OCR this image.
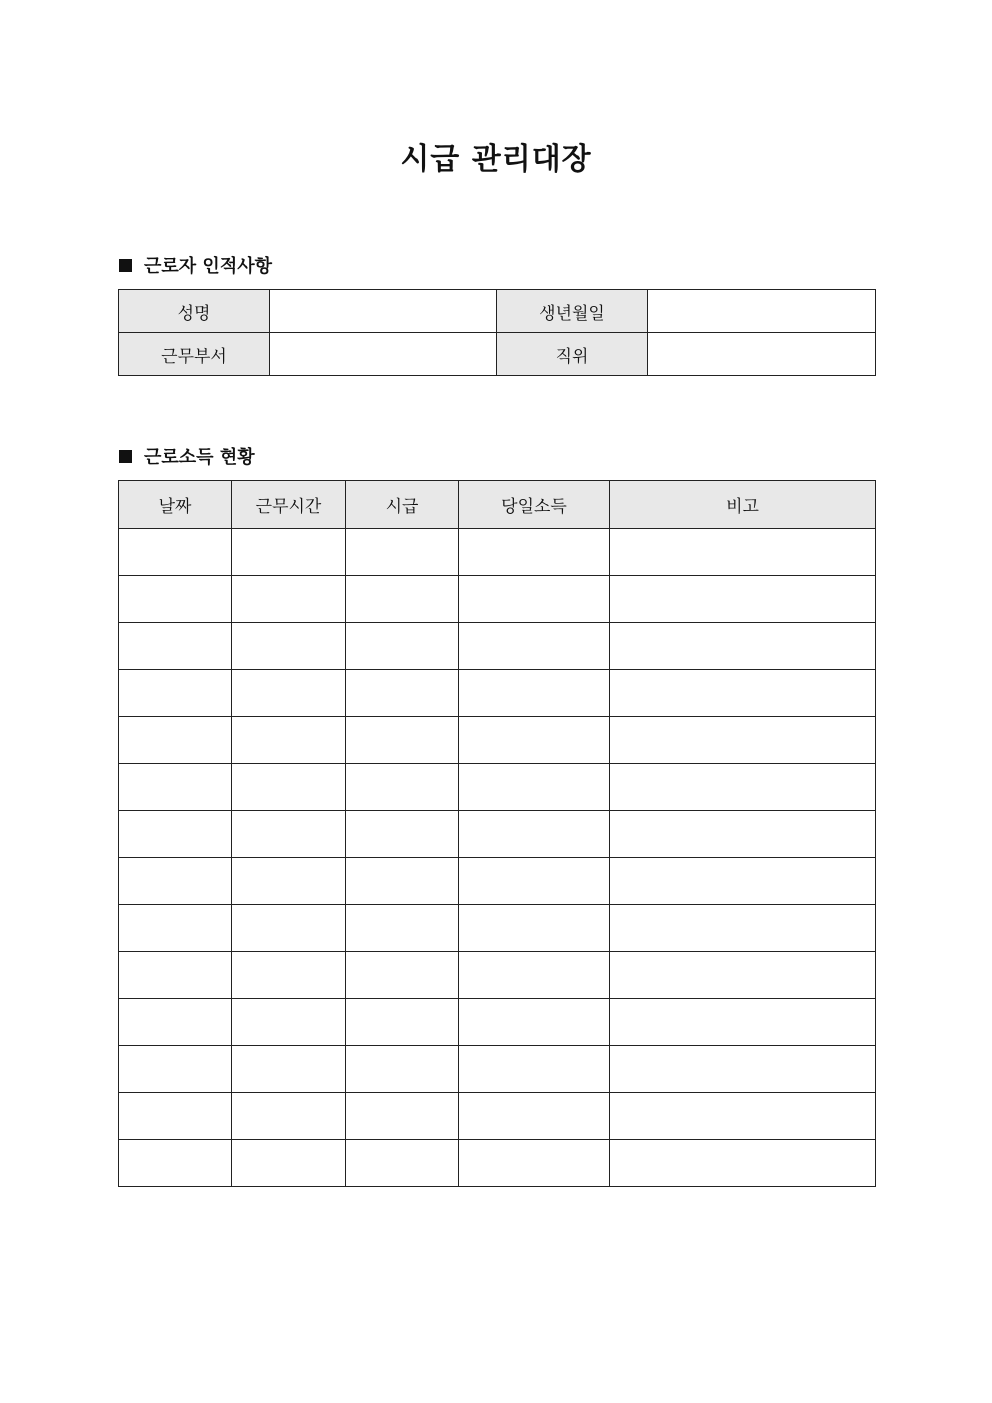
시급 관리대장
근로자 인적사항
성명		생년월일	
근무부서		직위	
근로소득 현황
날짜	근무시간	시급	당일소득	비고
